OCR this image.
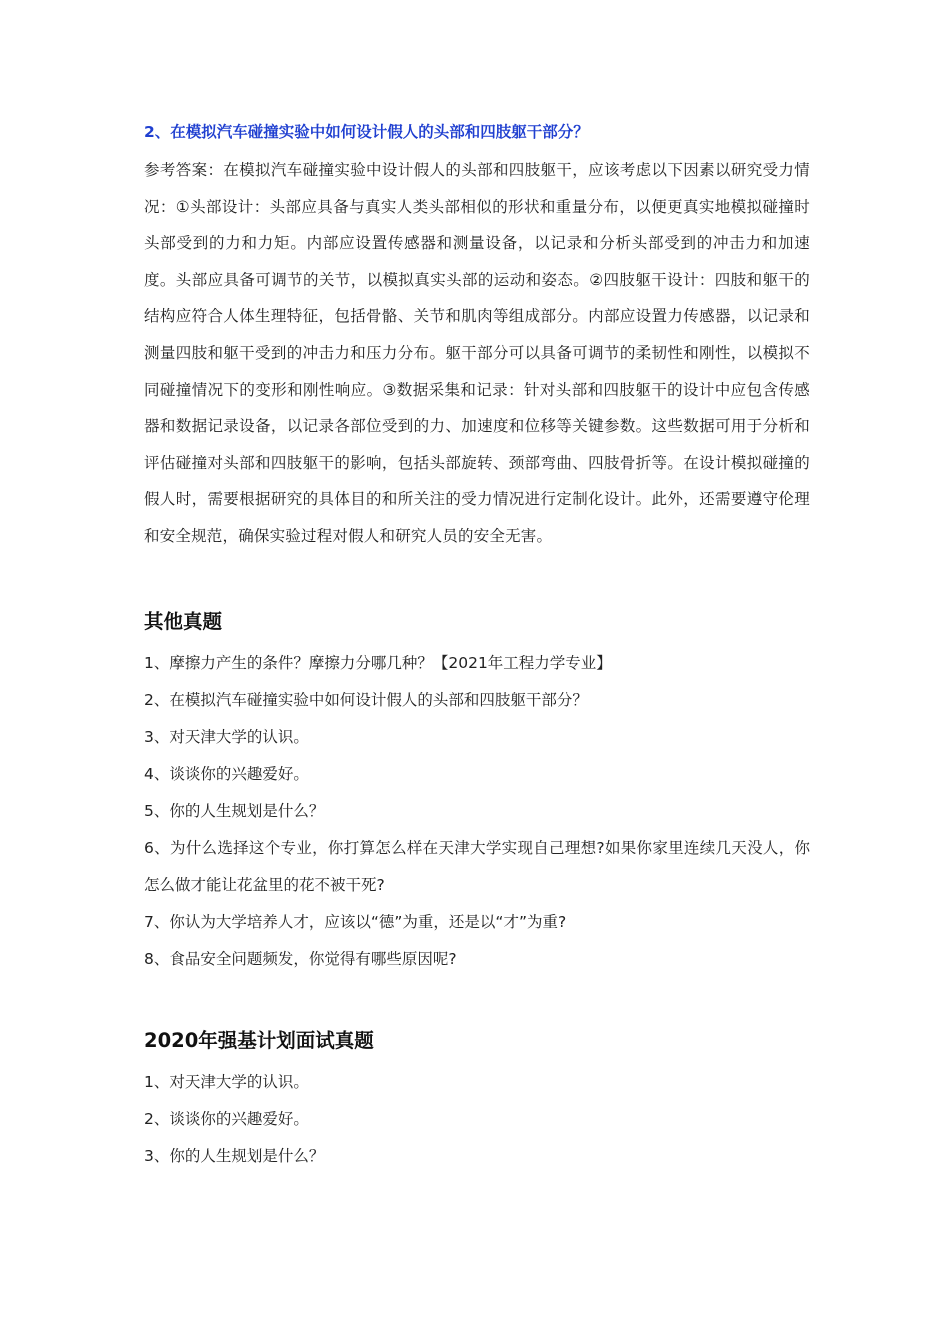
2、在模拟汽车碰撞实验中如何设计假人的头部和四肢躯干部分？

参考答案：在模拟汽车碰撞实验中设计假人的头部和四肢躯干，应该考虑以下因素以研究受力情况：①头部设计：头部应具备与真实人类头部相似的形状和重量分布，以便更真实地模拟碰撞时头部受到的力和力矩。内部应设置传感器和测量设备，以记录和分析头部受到的冲击力和加速度。头部应具备可调节的关节，以模拟真实头部的运动和姿态。②四肢躯干设计：四肢和躯干的结构应符合人体生理特征，包括骨骼、关节和肌肉等组成部分。内部应设置力传感器，以记录和测量四肢和躯干受到的冲击力和压力分布。躯干部分可以具备可调节的柔韧性和刚性，以模拟不同碰撞情况下的变形和刚性响应。③数据采集和记录：针对头部和四肢躯干的设计中应包含传感器和数据记录设备，以记录各部位受到的力、加速度和位移等关键参数。这些数据可用于分析和评估碰撞对头部和四肢躯干的影响，包括头部旋转、颈部弯曲、四肢骨折等。在设计模拟碰撞的假人时，需要根据研究的具体目的和所关注的受力情况进行定制化设计。此外，还需要遵守伦理和安全规范，确保实验过程对假人和研究人员的安全无害。

其他真题
1、摩擦力产生的条件？摩擦力分哪几种？【2021年工程力学专业】
2、在模拟汽车碰撞实验中如何设计假人的头部和四肢躯干部分？
3、对天津大学的认识。
4、谈谈你的兴趣爱好。
5、你的人生规划是什么？
6、为什么选择这个专业，你打算怎么样在天津大学实现自己理想?如果你家里连续几天没人，你怎么做才能让花盆里的花不被干死?
7、你认为大学培养人才，应该以“德”为重，还是以“才”为重?
8、食品安全问题频发，你觉得有哪些原因呢?
2020年强基计划面试真题
1、对天津大学的认识。
2、谈谈你的兴趣爱好。
3、你的人生规划是什么？
